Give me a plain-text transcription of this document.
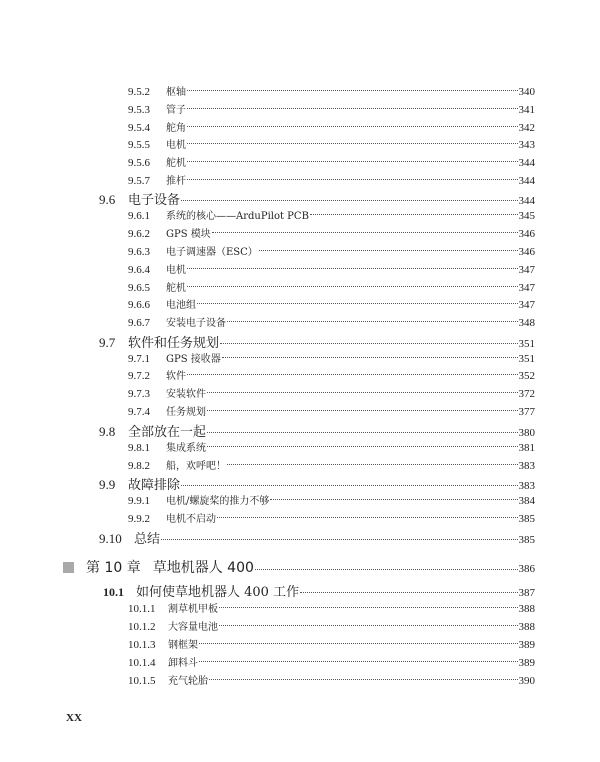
9.5.2	枢轴	340
9.5.3	管子	341
9.5.4	舵角	342
9.5.5	电机	343
9.5.6	舵机	344
9.5.7	推杆	344
9.6 电子设备	344
9.6.1	系统的核心——ArduPilot PCB	345
9.6.2	GPS 模块	346
9.6.3	电子调速器（ESC）	346
9.6.4	电机	347
9.6.5	舵机	347
9.6.6	电池组	347
9.6.7	安装电子设备	348
9.7 软件和任务规划	351
9.7.1	GPS 接收器	351
9.7.2	软件	352
9.7.3	安装软件	372
9.7.4	任务规划	377
9.8 全部放在一起	380
9.8.1	集成系统	381
9.8.2	船，欢呼吧！	383
9.9 故障排除	383
9.9.1	电机/螺旋桨的推力不够	384
9.9.2	电机不启动	385
9.10 总结	385
第 10 章 草地机器人 400	386
10.1 如何使草地机器人 400 工作	387
10.1.1	割草机甲板	388
10.1.2	大容量电池	388
10.1.3	钢框架	389
10.1.4	卸料斗	389
10.1.5	充气轮胎	390
XX
